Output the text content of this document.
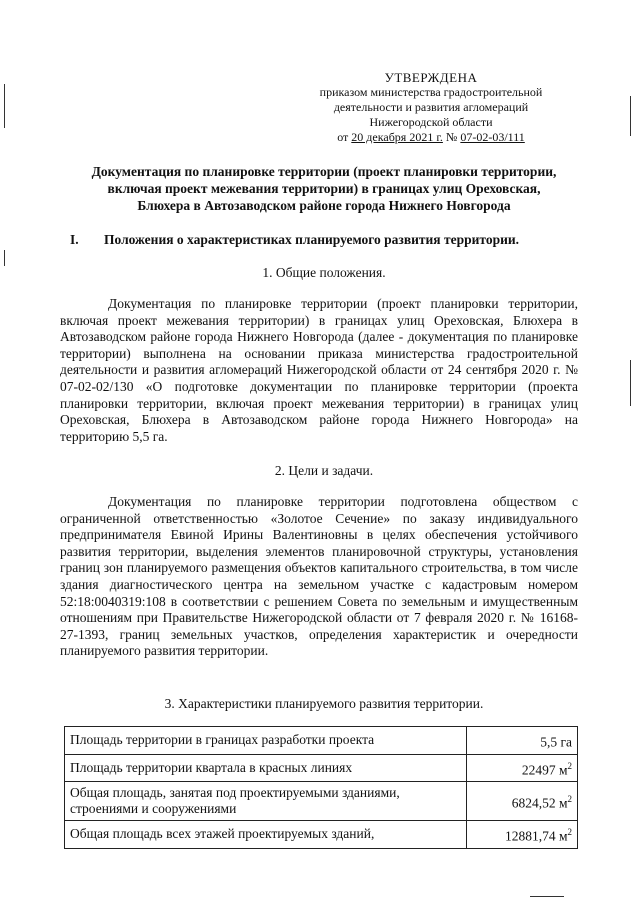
УТВЕРЖДЕНА
приказом министерства градостроительной
деятельности и развития агломераций
Нижегородской области
от 20 декабря 2021 г. № 07-02-03/111
Документация по планировке территории (проект планировки территории,
включая проект межевания территории) в границах улиц Ореховская,
Блюхера в Автозаводском районе города Нижнего Новгорода
I. Положения о характеристиках планируемого развития территории.
1. Общие положения.

Документация по планировке территории (проект планировки территории, включая проект межевания территории) в границах улиц Ореховская, Блюхера в Автозаводском районе города Нижнего Новгорода (далее - документация по планировке территории) выполнена на основании приказа министерства градостроительной деятельности и развития агломераций Нижегородской области от 24 сентября 2020 г. № 07-02-02/130 «О подготовке документации по планировке территории (проекта планировки территории, включая проект межевания территории) в границах улиц Ореховская, Блюхера в Автозаводском районе города Нижнего Новгорода» на территорию 5,5 га.

2. Цели и задачи.

Документация по планировке территории подготовлена обществом с ограниченной ответственностью «Золотое Сечение» по заказу индивидуального предпринимателя Евиной Ирины Валентиновны в целях обеспечения устойчивого развития территории, выделения элементов планировочной структуры, установления границ зон планируемого размещения объектов капитального строительства, в том числе здания диагностического центра на земельном участке с кадастровым номером 52:18:0040319:108 в соответствии с решением Совета по земельным и имущественным отношениям при Правительстве Нижегородской области от 7 февраля 2020 г. № 16168-27-1393, границ земельных участков, определения характеристик и очередности планируемого развития территории.

3. Характеристики планируемого развития территории.
Площадь территории в границах разработки проекта	5,5 га
Площадь территории квартала в красных линиях	22497 $м^2$
Общая площадь, занятая под проектируемыми зданиями, строениями и сооружениями	6824,52 $м^2$
Общая площадь всех этажей проектируемых зданий,	12881,74 $м^2$
